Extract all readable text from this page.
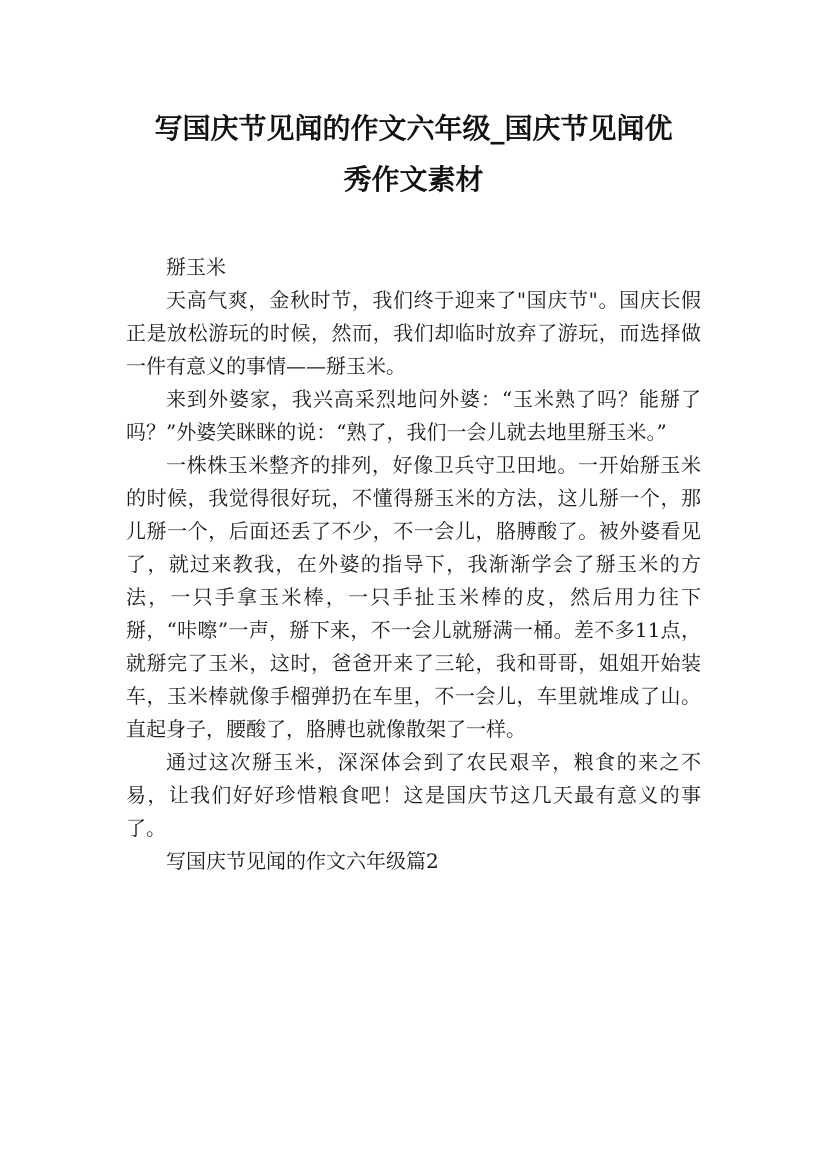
写国庆节见闻的作文六年级_国庆节见闻优
秀作文素材

掰玉米

天高气爽，金秋时节，我们终于迎来了"国庆节"。国庆长假正是放松游玩的时候，然而，我们却临时放弃了游玩，而选择做一件有意义的事情——掰玉米。

来到外婆家，我兴高采烈地问外婆：“玉米熟了吗？能掰了吗？”外婆笑眯眯的说：“熟了，我们一会儿就去地里掰玉米。”

一株株玉米整齐的排列，好像卫兵守卫田地。一开始掰玉米的时候，我觉得很好玩，不懂得掰玉米的方法，这儿掰一个，那儿掰一个，后面还丢了不少，不一会儿，胳膊酸了。被外婆看见了，就过来教我，在外婆的指导下，我渐渐学会了掰玉米的方法，一只手拿玉米棒，一只手扯玉米棒的皮，然后用力往下掰，“咔嚓”一声，掰下来，不一会儿就掰满一桶。差不多11点，就掰完了玉米，这时，爸爸开来了三轮，我和哥哥，姐姐开始装车，玉米棒就像手榴弹扔在车里，不一会儿，车里就堆成了山。直起身子，腰酸了，胳膊也就像散架了一样。

通过这次掰玉米，深深体会到了农民艰辛，粮食的来之不易，让我们好好珍惜粮食吧！这是国庆节这几天最有意义的事了。

写国庆节见闻的作文六年级篇2
